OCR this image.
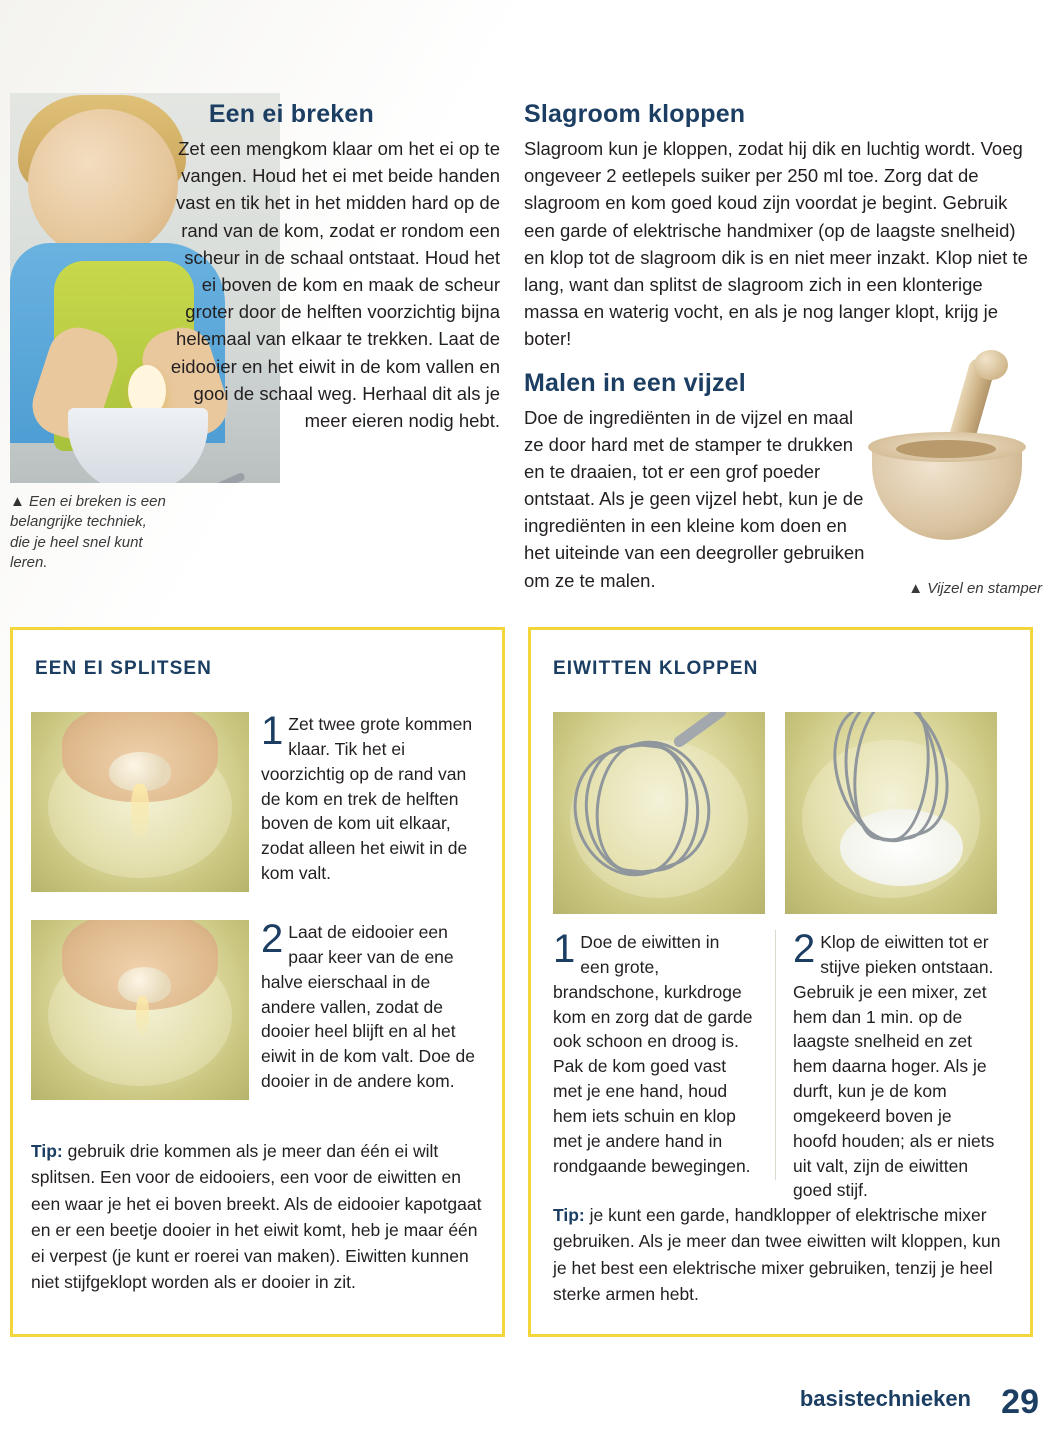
▲ Een ei breken is een belangrijke techniek, die je heel snel kunt leren.
Een ei breken

Zet een mengkom klaar om het ei op te vangen. Houd het ei met beide handen vast en tik het in het midden hard op de rand van de kom, zodat er rondom een scheur in de schaal ontstaat. Houd het ei boven de kom en maak de scheur groter door de helften voorzichtig bijna helemaal van elkaar te trekken. Laat de eidooier en het eiwit in de kom vallen en gooi de schaal weg. Herhaal dit als je meer eieren nodig hebt.

Slagroom kloppen

Slagroom kun je kloppen, zodat hij dik en luchtig wordt. Voeg ongeveer 2 eetlepels suiker per 250 ml toe. Zorg dat de slagroom en kom goed koud zijn voordat je begint. Gebruik een garde of elektrische handmixer (op de laagste snelheid) en klop tot de slagroom dik is en niet meer inzakt. Klop niet te lang, want dan splitst de slagroom zich in een klonterige massa en waterig vocht, en als je nog langer klopt, krijg je boter!

Malen in een vijzel

Doe de ingrediënten in de vijzel en maal ze door hard met de stamper te drukken en te draaien, tot er een grof poeder ontstaat. Als je geen vijzel hebt, kun je de ingrediënten in een kleine kom doen en het uiteinde van een deegroller gebruiken om ze te malen.	▲ Vijzel en stamper
EEN EI SPLITSEN
1 Zet twee grote kommen klaar. Tik het ei voorzichtig op de rand van de kom en trek de helften boven de kom uit elkaar, zodat alleen het eiwit in de kom valt.
2 Laat de eidooier een paar keer van de ene halve eierschaal in de andere vallen, zodat de dooier heel blijft en al het eiwit in de kom valt. Doe de dooier in de andere kom.
Tip: gebruik drie kommen als je meer dan één ei wilt splitsen. Een voor de eidooiers, een voor de eiwitten en een waar je het ei boven breekt. Als de eidooier kapotgaat en er een beetje dooier in het eiwit komt, heb je maar één ei verpest (je kunt er roerei van maken). Eiwitten kunnen niet stijfgeklopt worden als er dooier in zit.
EIWITTEN KLOPPEN
1 Doe de eiwitten in een grote, brandschone, kurkdroge kom en zorg dat de garde ook schoon en droog is. Pak de kom goed vast met je ene hand, houd hem iets schuin en klop met je andere hand in rondgaande bewegingen.
2 Klop de eiwitten tot er stijve pieken ontstaan. Gebruik je een mixer, zet hem dan 1 min. op de laagste snelheid en zet hem daarna hoger. Als je durft, kun je de kom omgekeerd boven je hoofd houden; als er niets uit valt, zijn de eiwitten goed stijf.
Tip: je kunt een garde, handklopper of elektrische mixer gebruiken. Als je meer dan twee eiwitten wilt kloppen, kun je het best een elektrische mixer gebruiken, tenzij je heel sterke armen hebt.
basistechnieken 29
